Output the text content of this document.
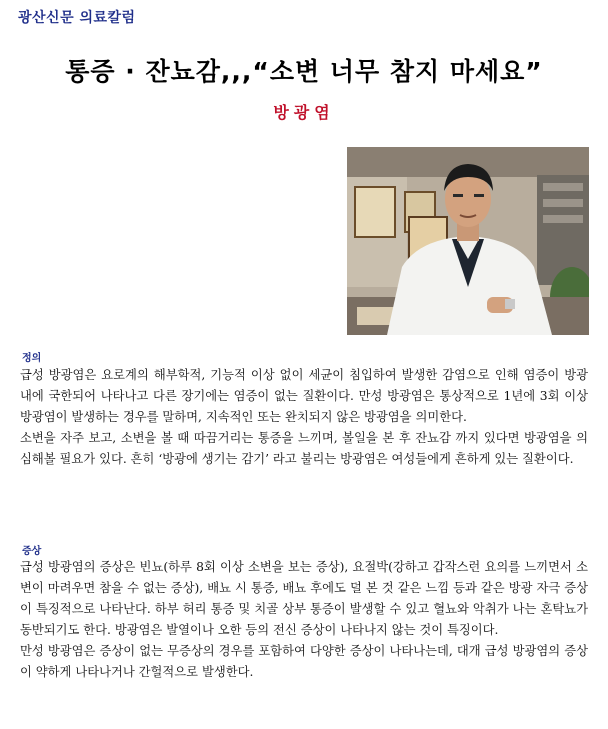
광산신문 의료칼럼
통증 · 잔뇨감,,,“소변 너무 참지 마세요”
방광염
정의
급성 방광염은 요로계의 해부학적, 기능적 이상 없이 세균이 침입하여 발생한 감염으로 인해 염증이 방광 내에 국한되어 나타나고 다른 장기에는 염증이 없는 질환이다. 만성 방광염은 통상적으로 1년에 3회 이상 방광염이 발생하는 경우를 말하며, 지속적인 또는 완치되지 않은 방광염을 의미한다.
소변을 자주 보고, 소변을 볼 때 따끔거리는 통증을 느끼며, 볼일을 본 후 잔뇨감 까지 있다면 방광염을 의심해볼 필요가 있다. 흔히 ‘방광에 생기는 감기’ 라고 불리는 방광염은 여성들에게 흔하게 있는 질환이다.
증상
급성 방광염의 증상은 빈뇨(하루 8회 이상 소변을 보는 증상), 요절박(강하고 갑작스런 요의를 느끼면서 소변이 마려우면 참을 수 없는 증상), 배뇨 시 통증, 배뇨 후에도 덜 본 것 같은 느낌 등과 같은 방광 자극 증상이 특징적으로 나타난다. 하부 허리 통증 및 치골 상부 통증이 발생할 수 있고 혈뇨와 악취가 나는 혼탁뇨가 동반되기도 한다. 방광염은 발열이나 오한 등의 전신 증상이 나타나지 않는 것이 특징이다.
만성 방광염은 증상이 없는 무증상의 경우를 포함하여 다양한 증상이 나타나는데, 대개 급성 방광염의 증상이 약하게 나타나거나 간헐적으로 발생한다.
